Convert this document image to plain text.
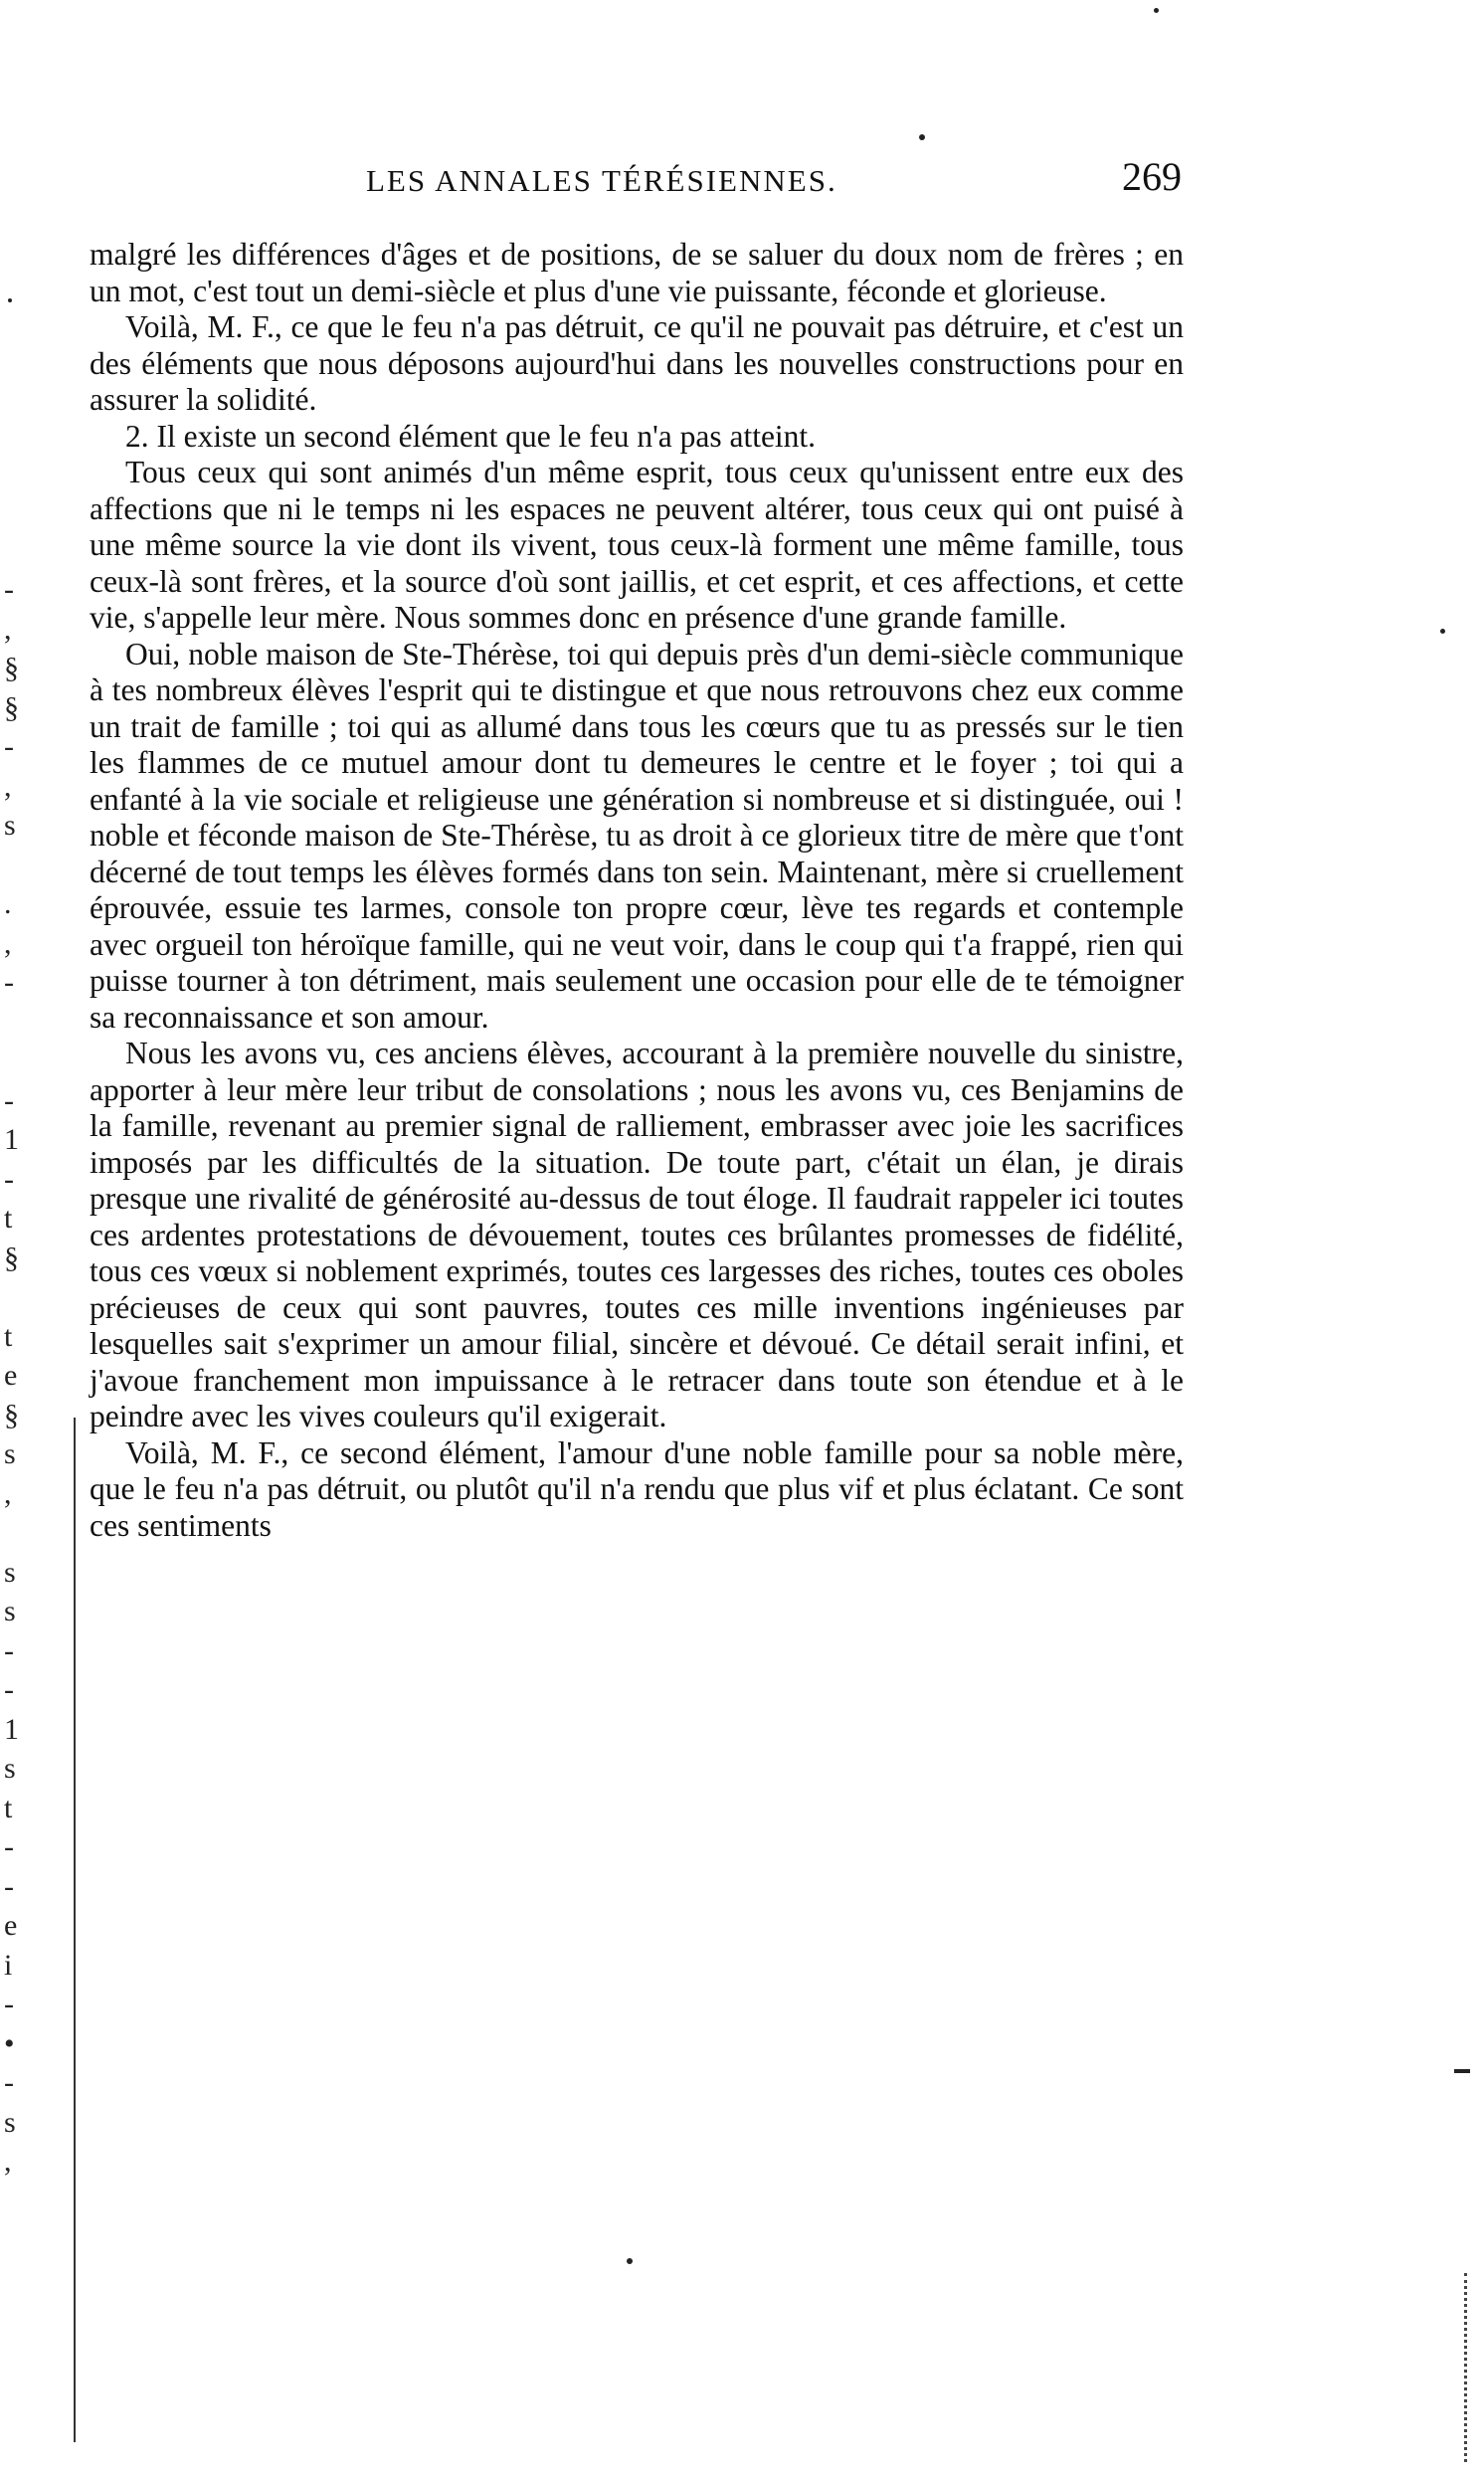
LES ANNALES TÉRÉSIENNES.	269
-
,
§
§
-
,
s
.
,
-
-
1
-
t
§
t
e
§
s
,
s
s
-
-
1
s
t
-
-
e
i
-
•
-
s
,

malgré les différences d'âges et de positions, de se saluer du doux nom de frères ; en un mot, c'est tout un demi-siècle et plus d'une vie puissante, féconde et glorieuse.

Voilà, M. F., ce que le feu n'a pas détruit, ce qu'il ne pouvait pas détruire, et c'est un des éléments que nous déposons aujourd'hui dans les nouvelles constructions pour en assurer la solidité.

2. Il existe un second élément que le feu n'a pas atteint.

Tous ceux qui sont animés d'un même esprit, tous ceux qu'unissent entre eux des affections que ni le temps ni les espaces ne peuvent altérer, tous ceux qui ont puisé à une même source la vie dont ils vivent, tous ceux-là forment une même famille, tous ceux-là sont frères, et la source d'où sont jaillis, et cet esprit, et ces affections, et cette vie, s'appelle leur mère. Nous sommes donc en présence d'une grande famille.

Oui, noble maison de Ste-Thérèse, toi qui depuis près d'un demi-siècle communique à tes nombreux élèves l'esprit qui te distingue et que nous retrouvons chez eux comme un trait de famille ; toi qui as allumé dans tous les cœurs que tu as pressés sur le tien les flammes de ce mutuel amour dont tu demeures le centre et le foyer ; toi qui a enfanté à la vie sociale et religieuse une génération si nombreuse et si distinguée, oui ! noble et féconde maison de Ste-Thérèse, tu as droit à ce glorieux titre de mère que t'ont décerné de tout temps les élèves formés dans ton sein. Maintenant, mère si cruellement éprouvée, essuie tes larmes, console ton propre cœur, lève tes regards et contemple avec orgueil ton héroïque famille, qui ne veut voir, dans le coup qui t'a frappé, rien qui puisse tourner à ton détriment, mais seulement une occasion pour elle de te témoigner sa reconnaissance et son amour.

Nous les avons vu, ces anciens élèves, accourant à la première nouvelle du sinistre, apporter à leur mère leur tribut de consolations ; nous les avons vu, ces Benjamins de la famille, revenant au premier signal de ralliement, embrasser avec joie les sacrifices imposés par les difficultés de la situation. De toute part, c'était un élan, je dirais presque une rivalité de générosité au-dessus de tout éloge. Il faudrait rappeler ici toutes ces ardentes protestations de dévouement, toutes ces brûlantes promesses de fidélité, tous ces vœux si noblement exprimés, toutes ces largesses des riches, toutes ces oboles précieuses de ceux qui sont pauvres, toutes ces mille inventions ingénieuses par lesquelles sait s'exprimer un amour filial, sincère et dévoué. Ce détail serait infini, et j'avoue franchement mon impuissance à le retracer dans toute son étendue et à le peindre avec les vives couleurs qu'il exigerait.

Voilà, M. F., ce second élément, l'amour d'une noble famille pour sa noble mère, que le feu n'a pas détruit, ou plutôt qu'il n'a rendu que plus vif et plus éclatant. Ce sont ces sentiments
